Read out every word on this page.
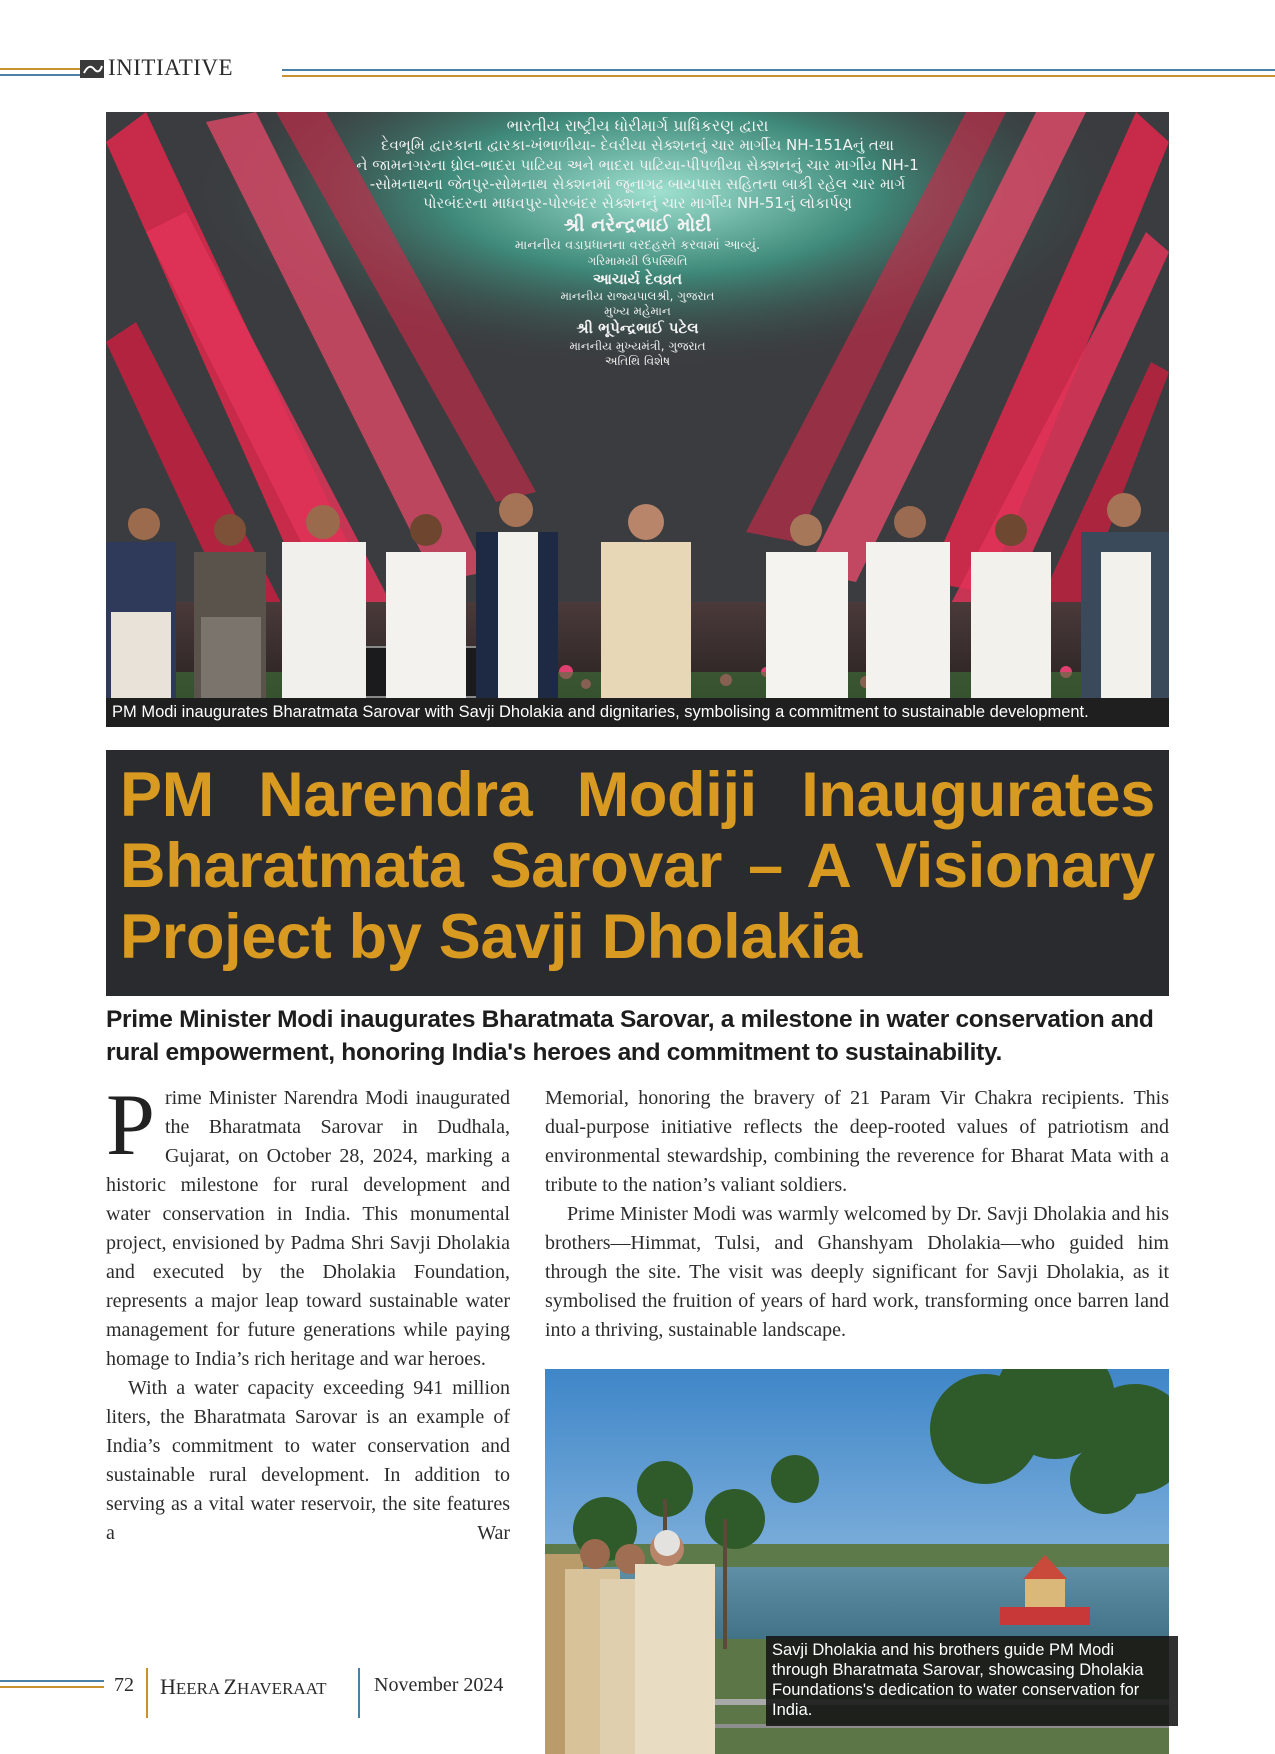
INITIATIVE
ભારતીય રાષ્ટ્રીય ધોરીમાર્ગ પ્રાધિકરણ દ્વારા
દેવભૂમિ દ્વારકાના દ્વારકા-ખંભાળીયા- દેવરીયા સેક્શનનું ચાર માર્ગીય NH-151Aનું તથા
ને જામનગરના ધ્રોલ-ભાદરા પાટિયા અને ભાદરા પાટિયા-પીપળીયા સેક્શનનું ચાર માર્ગીય NH-1
-સોમનાથના જેતપુર-સોમનાથ સેક્શનમાં જૂનાગઢ બાયપાસ સહિતના બાકી રહેલ ચાર માર્ગ
પોરબંદરના માધવપુર-પોરબંદર સેક્શનનું ચાર માર્ગીય NH-51નું લોકાર્પણ
શ્રી નરેન્દ્રભાઈ મોદી
માનનીય વડાપ્રધાનના વરદહસ્તે કરવામાં આવ્યું.
ગરિમામયી ઉપસ્થિતિ
આચાર્ય દેવવ્રત
માનનીય રાજ્યપાલશ્રી, ગુજરાત
મુખ્ય મહેમાન
શ્રી ભૂપેન્દ્રભાઈ પટેલ
માનનીય મુખ્યમંત્રી, ગુજરાત
અતિથિ વિશેષ
PM Modi inaugurates Bharatmata Sarovar with Savji Dholakia and dignitaries, symbolising a commitment to sustainable development.
PM Narendra Modiji Inaugurates Bharatmata Sarovar – A Visionary Project by Savji Dholakia

Prime Minister Modi inaugurates Bharatmata Sarovar, a milestone in water conservation and rural empowerment, honoring India's heroes and commitment to sustainability.

Prime Minister Narendra Modi inaugurated the Bharatmata Sarovar in Dudhala, Gujarat, on October 28, 2024, marking a historic milestone for rural development and water conservation in India. This monumental project, envisioned by Padma Shri Savji Dholakia and executed by the Dholakia Foundation, represents a major leap toward sustainable water management for future generations while paying homage to India’s rich heritage and war heroes.

With a water capacity exceeding 941 million liters, the Bharatmata Sarovar is an example of India’s commitment to water conservation and sustainable rural development. In addition to serving as a vital water reservoir, the site features a War

Memorial, honoring the bravery of 21 Param Vir Chakra recipients. This dual-purpose initiative reflects the deep-rooted values of patriotism and environmental stewardship, combining the reverence for Bharat Mata with a tribute to the nation’s valiant soldiers.

Prime Minister Modi was warmly welcomed by Dr. Savji Dholakia and his brothers—Himmat, Tulsi, and Ghanshyam Dholakia—who guided him through the site. The visit was deeply significant for Savji Dholakia, as it symbolised the fruition of years of hard work, transforming once barren land into a thriving, sustainable landscape.

Savji Dholakia and his brothers guide PM Modi through Bharatmata Sarovar, showcasing Dholakia Foundations's dedication to water conservation for India.
72 HEERA ZHAVERAAT November 2024
